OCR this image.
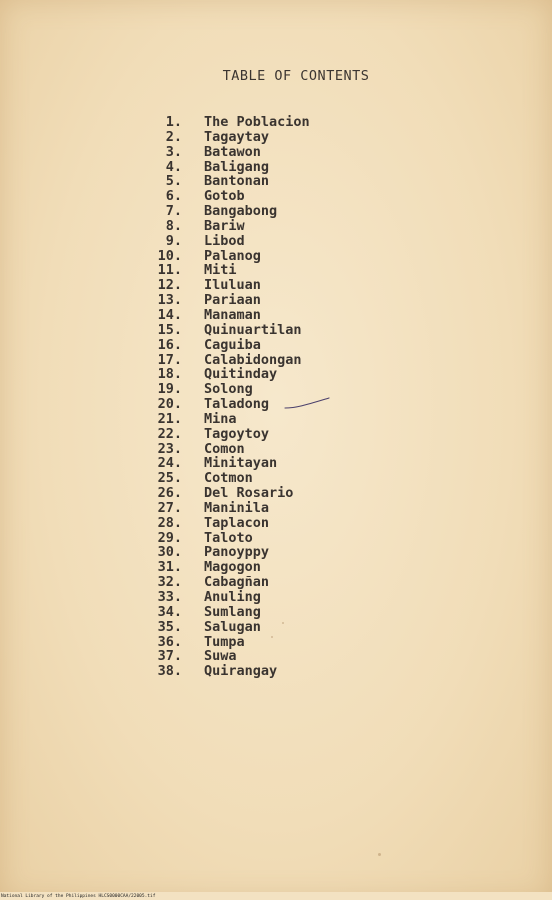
TABLE OF CONTENTS
1. The Poblacion
2. Tagaytay
3. Batawon
4. Baligang
5. Bantonan
6. Gotob
7. Bangabong
8. Bariw
9. Libod
10. Palanog
11. Miti
12. Iluluan
13. Pariaan
14. Manaman
15. Quinuartilan
16. Caguiba
17. Calabidongan
18. Quitinday
19. Solong
20. Taladong
21. Mina
22. Tagoytoy
23. Comon
24. Minitayan
25. Cotmon
26. Del Rosario
27. Maninila
28. Taplacon
29. Taloto
30. Panoyppy
31. Magogon
32. Cabagñan
33. Anuling
34. Sumlang
35. Salugan
36. Tumpa
37. Suwa
38. Quirangay
National Library of the Philippines HLCS0000CAA/22005.tif
